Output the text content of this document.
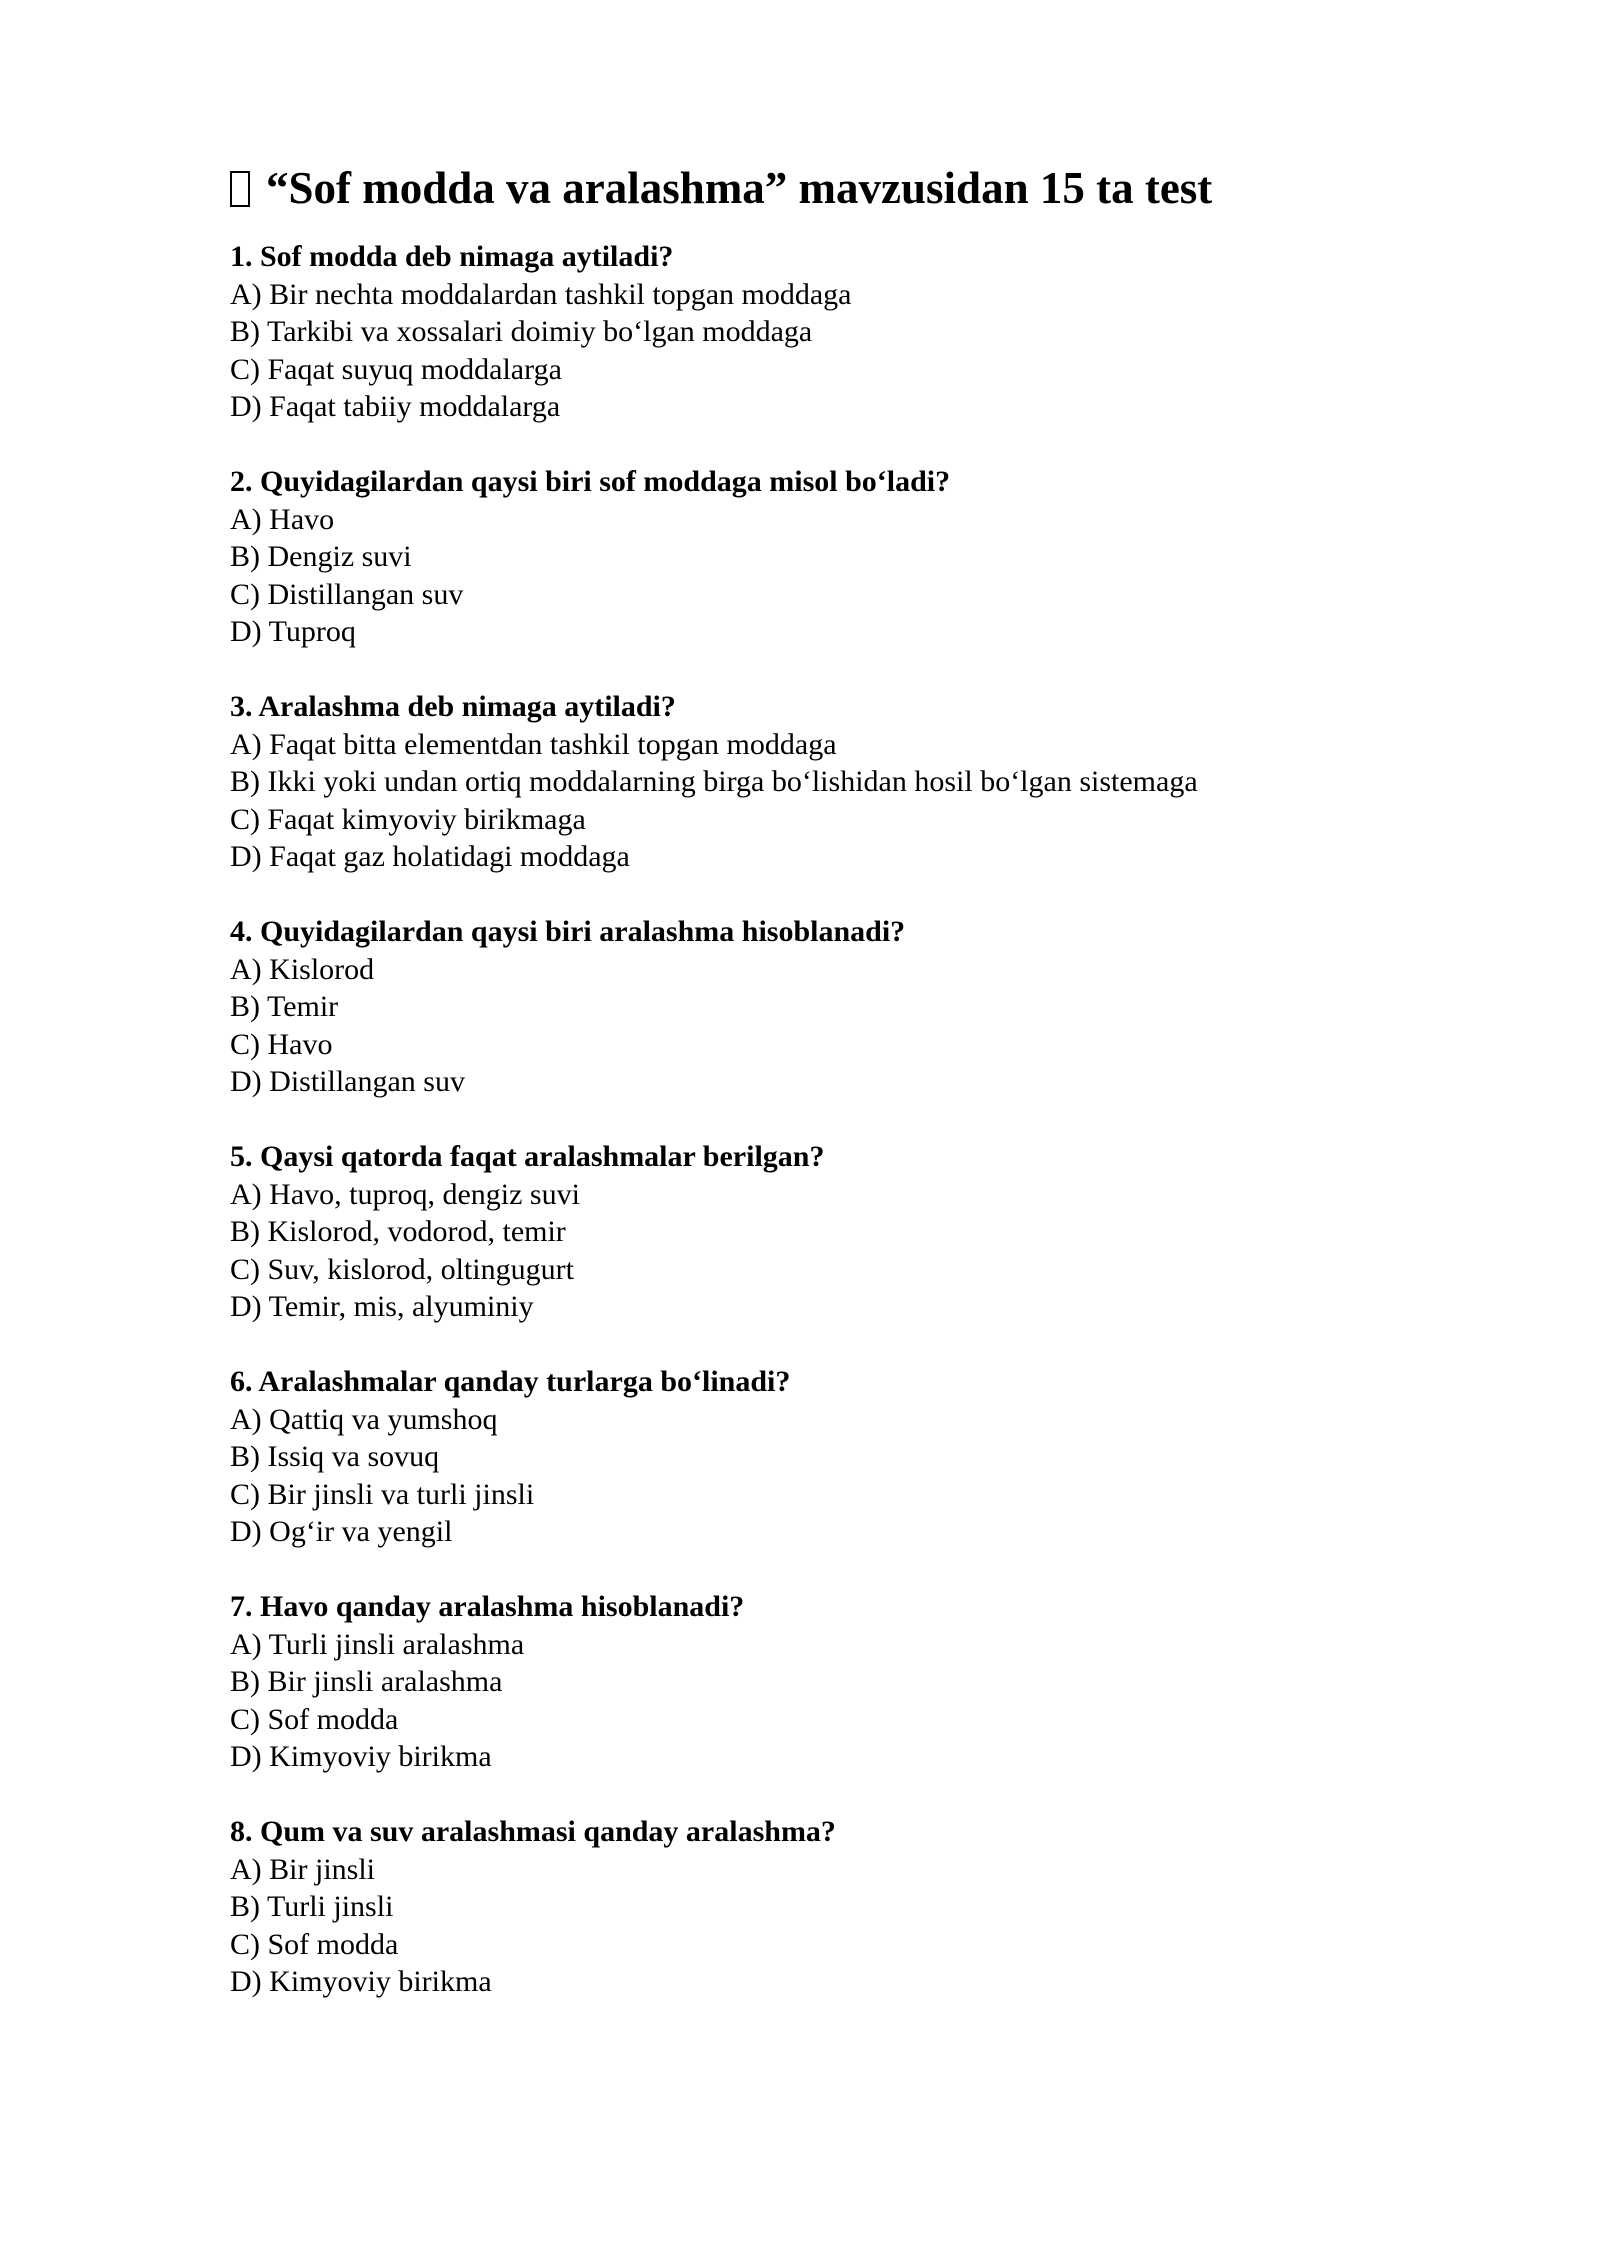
“Sof modda va aralashma” mavzusidan 15 ta test
1. Sof modda deb nimaga aytiladi?
A) Bir nechta moddalardan tashkil topgan moddaga
B) Tarkibi va xossalari doimiy bo‘lgan moddaga
C) Faqat suyuq moddalarga
D) Faqat tabiiy moddalarga
2. Quyidagilardan qaysi biri sof moddaga misol bo‘ladi?
A) Havo
B) Dengiz suvi
C) Distillangan suv
D) Tuproq
3. Aralashma deb nimaga aytiladi?
A) Faqat bitta elementdan tashkil topgan moddaga
B) Ikki yoki undan ortiq moddalarning birga bo‘lishidan hosil bo‘lgan sistemaga
C) Faqat kimyoviy birikmaga
D) Faqat gaz holatidagi moddaga
4. Quyidagilardan qaysi biri aralashma hisoblanadi?
A) Kislorod
B) Temir
C) Havo
D) Distillangan suv
5. Qaysi qatorda faqat aralashmalar berilgan?
A) Havo, tuproq, dengiz suvi
B) Kislorod, vodorod, temir
C) Suv, kislorod, oltingugurt
D) Temir, mis, alyuminiy
6. Aralashmalar qanday turlarga bo‘linadi?
A) Qattiq va yumshoq
B) Issiq va sovuq
C) Bir jinsli va turli jinsli
D) Og‘ir va yengil
7. Havo qanday aralashma hisoblanadi?
A) Turli jinsli aralashma
B) Bir jinsli aralashma
C) Sof modda
D) Kimyoviy birikma
8. Qum va suv aralashmasi qanday aralashma?
A) Bir jinsli
B) Turli jinsli
C) Sof modda
D) Kimyoviy birikma
